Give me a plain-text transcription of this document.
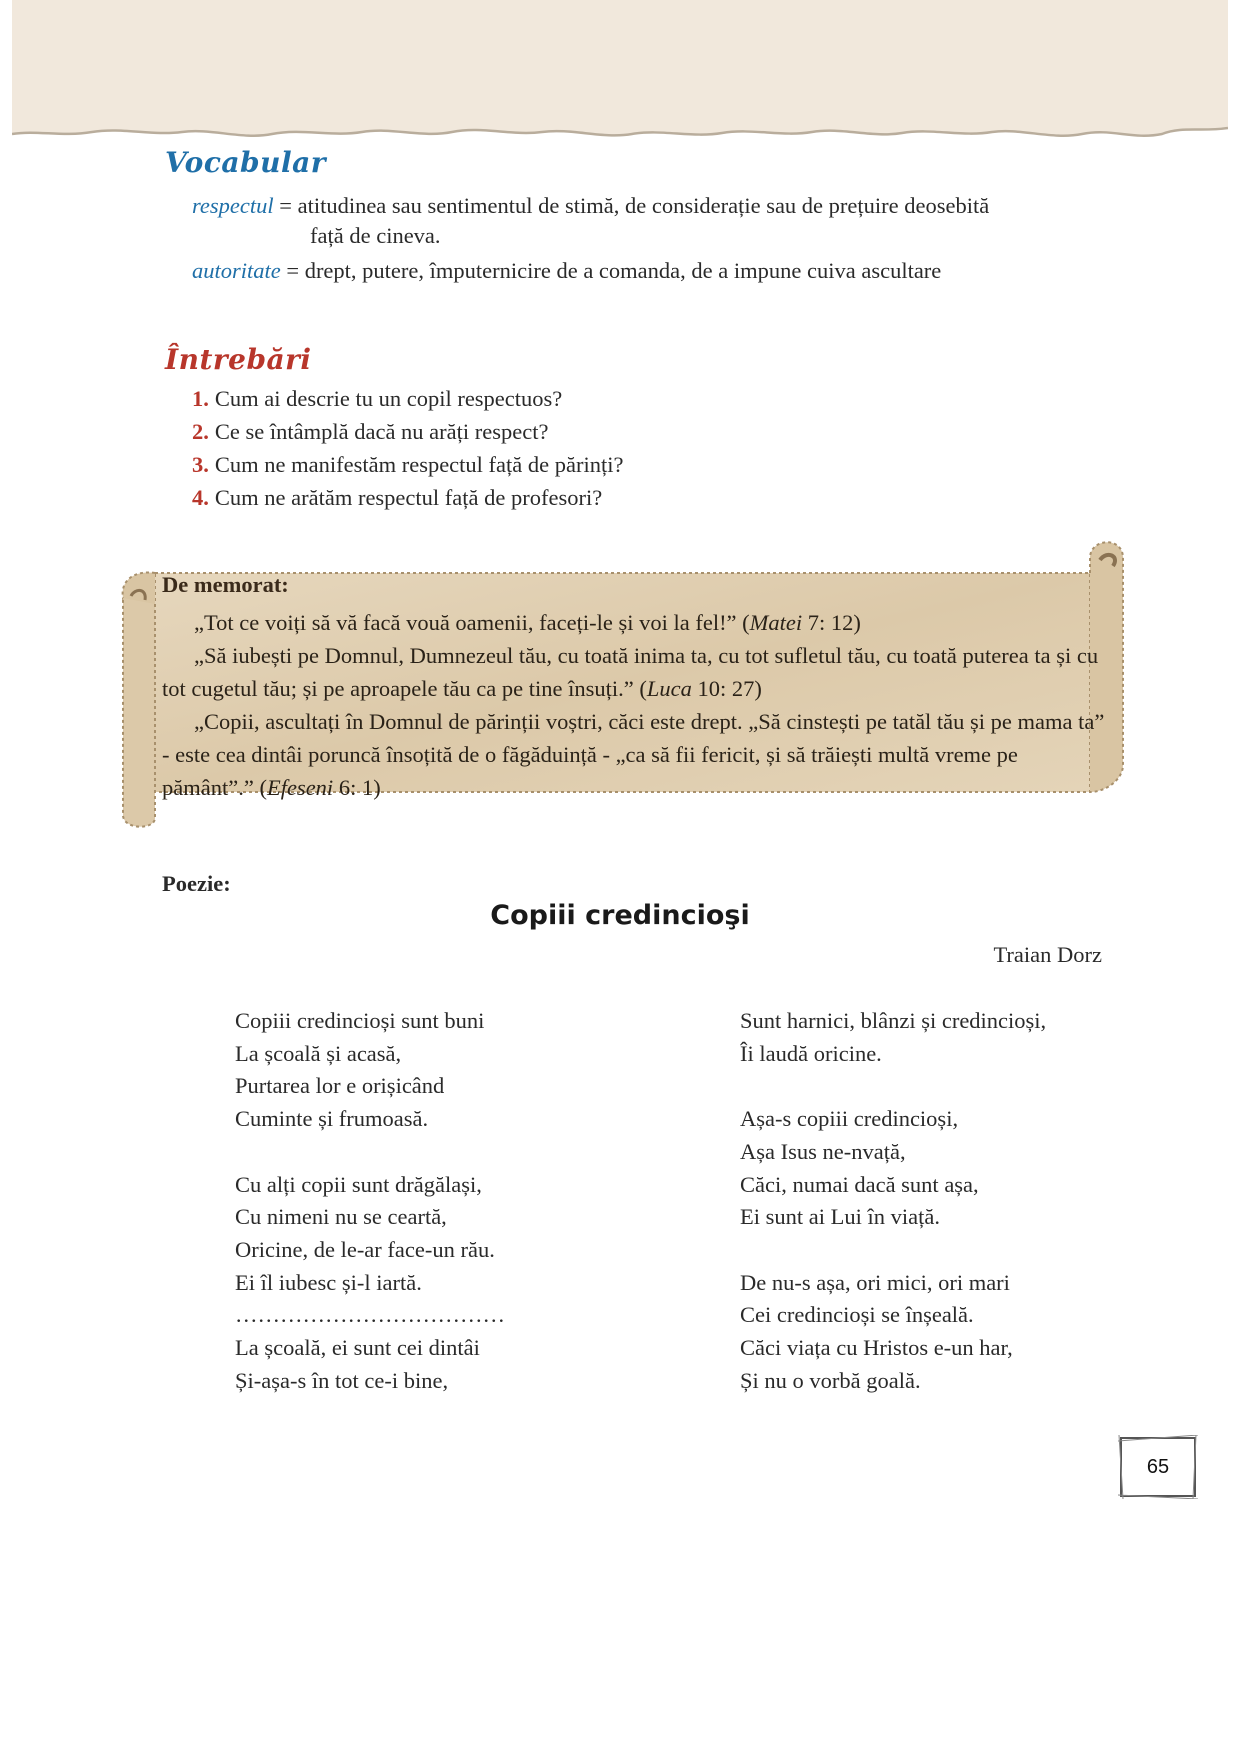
Vocabular
respectul = atitudinea sau sentimentul de stimă, de considerație sau de prețuire deosebită
față de cineva.
autoritate = drept, putere, împuternicire de a comanda, de a impune cuiva ascultare
Întrebări
1. Cum ai descrie tu un copil respectuos?
2. Ce se întâmplă dacă nu arăți respect?
3. Cum ne manifestăm respectul față de părinți?
4. Cum ne arătăm respectul față de profesori?
De memorat:

„Tot ce voiți să vă facă vouă oamenii, faceți-le și voi la fel!” (Matei 7: 12)

„Să iubești pe Domnul, Dumnezeul tău, cu toată inima ta, cu tot sufletul tău, cu toată puterea ta și cu tot cugetul tău; și pe aproapele tău ca pe tine însuți.” (Luca 10: 27)

„Copii, ascultați în Domnul de părinții voștri, căci este drept. „Să cinstești pe tatăl tău și pe mama ta” - este cea dintâi poruncă însoțită de o făgăduință - „ca să fii fericit, și să trăiești multă vreme pe pământ”.” (Efeseni 6: 1)

Poezie:
Copiii credincioşi
Traian Dorz
Copiii credincioși sunt buni
La școală și acasă,
Purtarea lor e orișicând
Cuminte și frumoasă.
Cu alți copii sunt drăgălași,
Cu nimeni nu se ceartă,
Oricine, de le-ar face-un rău.
Ei îl iubesc și-l iartă.
………………………………
La școală, ei sunt cei dintâi
Și-așa-s în tot ce-i bine,
Sunt harnici, blânzi și credincioși,
Îi laudă oricine.
Așa-s copiii credincioși,
Așa Isus ne-nvață,
Căci, numai dacă sunt așa,
Ei sunt ai Lui în viață.
De nu-s așa, ori mici, ori mari
Cei credincioși se înșeală.
Căci viața cu Hristos e-un har,
Și nu o vorbă goală.
65
